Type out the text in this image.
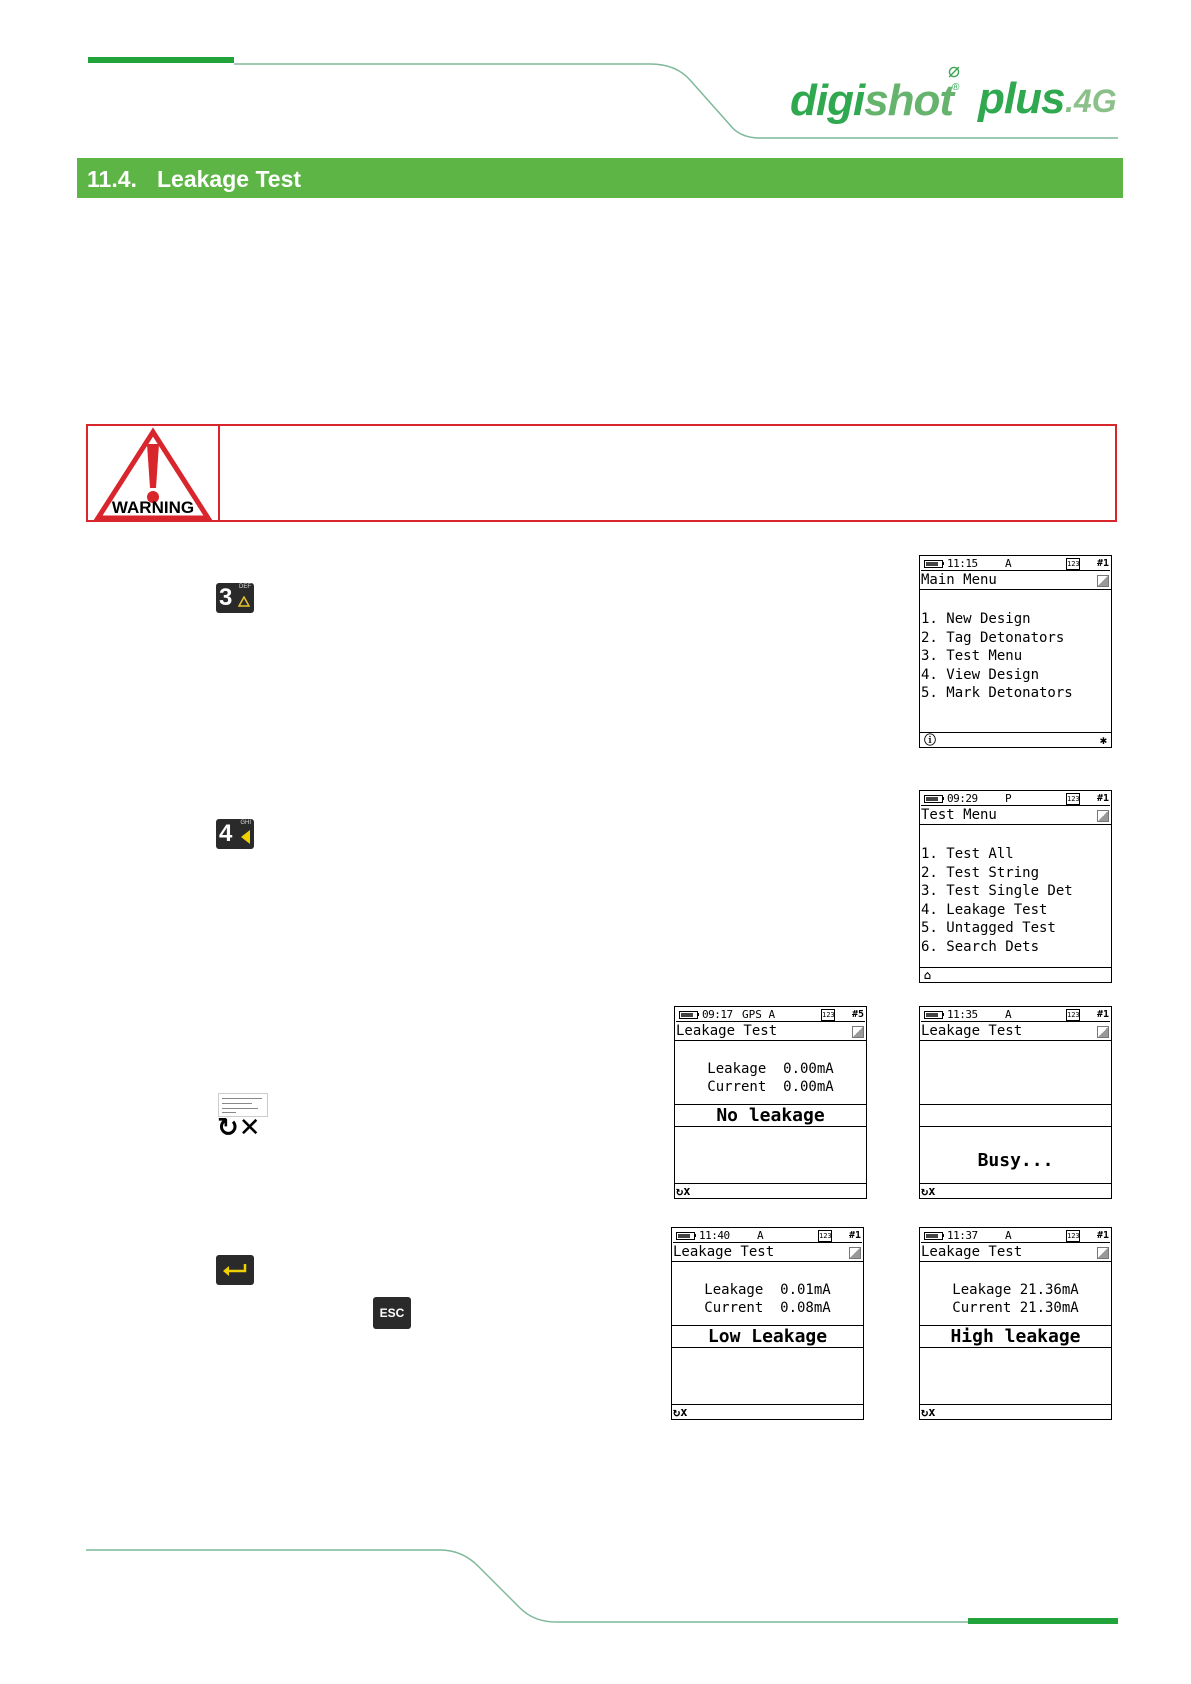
digishot
⌀
® plus .4G
11.4. Leakage Test
WARNING
3 DEF
4 GHI
↻✕
ESC
11:15 A	123 #1
Main Menu
1. New Design
2. Tag Detonators
3. Test Menu
4. View Design
5. Mark Detonators
ⓘ	✱
09:29 P	123 #1
Test Menu
1. Test All
2. Test String
3. Test Single Det
4. Leakage Test
5. Untagged Test
6. Search Dets
⌂
09:17 GPS A	123 #5
Leakage Test
Leakage  0.00mA
Current  0.00mA
No leakage
↻x
11:35 A	123 #1
Leakage Test
Busy...
↻x
11:40 A	123 #1
Leakage Test
Leakage  0.01mA
Current  0.08mA
Low Leakage
↻x
11:37 A	123 #1
Leakage Test
Leakage 21.36mA
Current 21.30mA
High leakage
↻x
